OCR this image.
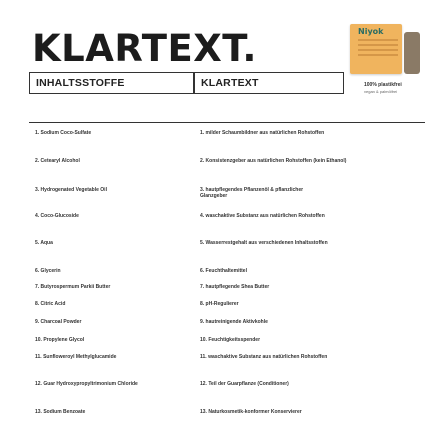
KLARTEXT.	Niyok
100% plastikfrei
vegan & palmölfrei
INHALTSSTOFFE	KLARTEXT
1. Sodium Coco-Sulfate
2. Cetearyl Alcohol
3. Hydrogenated Vegetable Oil
4. Coco-Glucoside
5. Aqua
6. Glycerin
7. Butyrospermum Parkii Butter
8. Citric Acid
9. Charcoal Powder
10. Propylene Glycol
11. Sunfloweroyl Methylglucamide
12. Guar Hydroxypropyltrimonium Chloride
13. Sodium Benzoate
1. milder Schaumbildner aus natürlichen Rohstoffen
2. Konsistenzgeber aus natürlichen Rohstoffen (kein Ethanol)
3. hautpflegendes Pflanzenöl & pflanzlicher Glanzgeber
4. waschaktive Substanz aus natürlichen Rohstoffen
5. Wasserrestgehalt aus verschiedenen Inhaltsstoffen
6. Feuchthaltemittel
7. hautpflegende Shea Butter
8. pH-Regulierer
9. hautreinigende Aktivkohle
10. Feuchtigkeitsspender
11. waschaktive Substanz aus natürlichen Rohstoffen
12. Teil der Guarpflanze (Conditioner)
13. Naturkosmetik-konformer Konservierer
